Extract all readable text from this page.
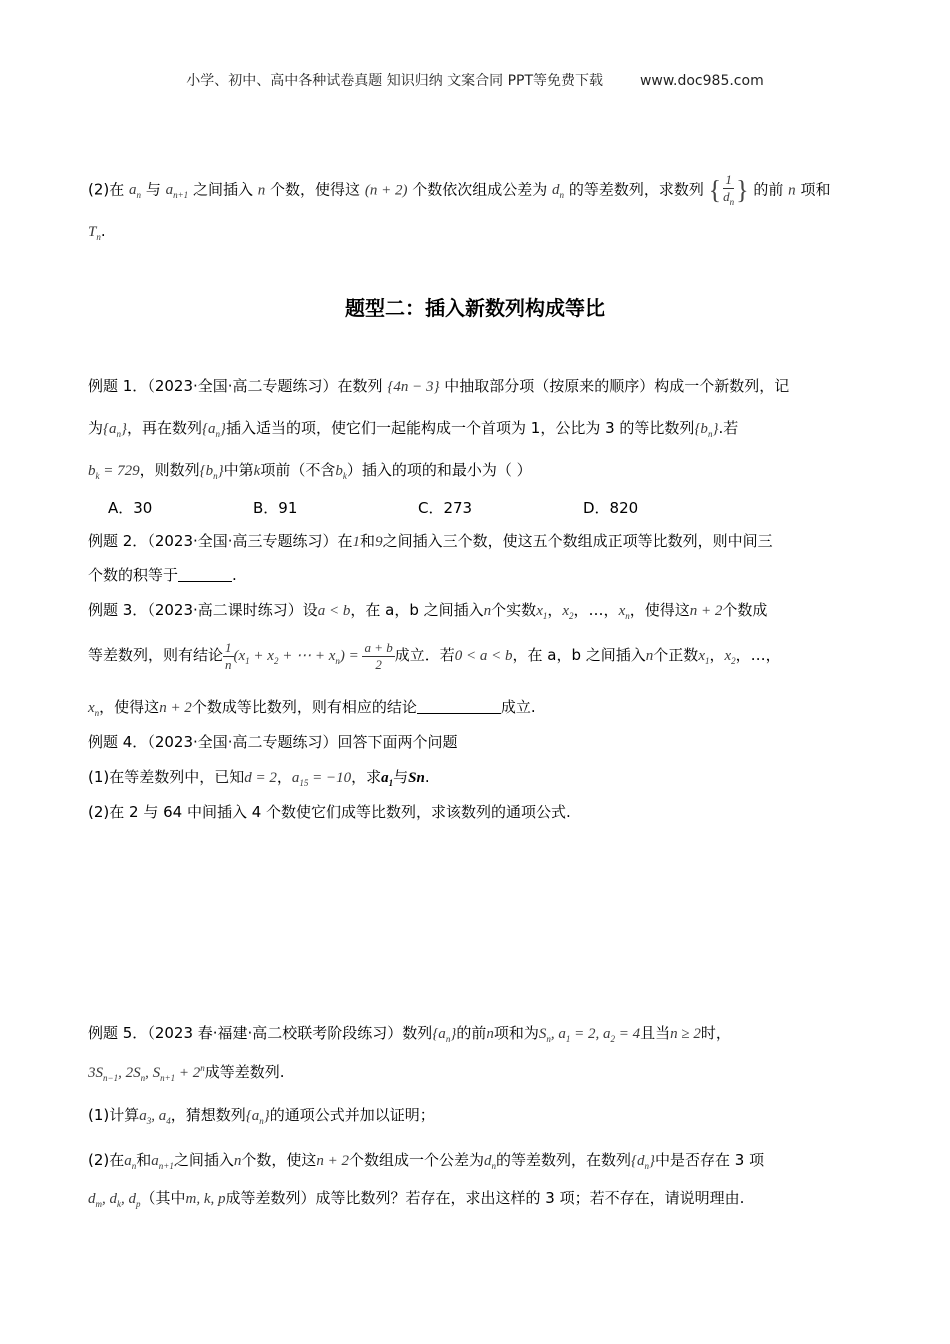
小学、初中、高中各种试卷真题 知识归纳 文案合同 PPT等免费下载	www.doc985.com
(2)在 $a_n$ 与 $a_{n+1}$ 之间插入 n 个数，使得这 (n + 2) 个数依次组成公差为 $d_n$ 的等差数列，求数列 { $\frac{1}{d_n}$ } 的前 n 项和
$T_n$.
题型二：插入新数列构成等比
例题 1．（2023·全国·高二专题练习）在数列 {4n − 3} 中抽取部分项（按原来的顺序）构成一个新数列，记
为$\{a_n\}$，再在数列$\{a_n\}$插入适当的项，使它们一起能构成一个首项为 1，公比为 3 的等比数列$\{b_n\}$.若
$b_k = 729$，则数列$\{b_n\}$中第k项前（不含$b_k$）插入的项的和最小为（ ）
A．30	B．91	C．273	D．820
例题 2．（2023·全国·高三专题练习）在1和9之间插入三个数，使这五个数组成正项等比数列，则中间三
个数的积等于	.
例题 3．（2023·高二课时练习）设a < b，在 a，b 之间插入n个实数$x_1$，$x_2$，…，$x_n$，使得这n + 2个数成
等差数列，则有结论 $\frac{1}{n} (x_1 + x_2$ + ⋯ + $x_n) = \frac{a + b}{2}$ 成立．若0 < a < b，在 a，b 之间插入n个正数$x_1$，$x_2$，…，
$x_n$，使得这n + 2个数成等比数列，则有相应的结论	成立.
例题 4．（2023·全国·高二专题练习）回答下面两个问题
(1)在等差数列中，已知d = 2，$a_{15} = -10$，求$a_1$与Sn.
(2)在 2 与 64 中间插入 4 个数使它们成等比数列，求该数列的通项公式.
例题 5．（2023 春·福建·高二校联考阶段练习）数列$\{a_n\}$的前n项和为$S_n$, $a_1 = 2$, $a_2 = 4$且当n ≥ 2时，
$3S_{n-1}$, $2S_n$, $S_{n+1} + 2^n$成等差数列.
(1)计算$a_3$, $a_4$，猜想数列$\{a_n\}$的通项公式并加以证明；
(2)在$a_n$和$a_{n+1}$之间插入n个数，使这n + 2个数组成一个公差为$d_n$的等差数列，在数列$\{d_n\}$中是否存在 3 项
$d_m$, $d_k$, $d_p$（其中m, k, p成等差数列）成等比数列？若存在，求出这样的 3 项；若不存在，请说明理由.
